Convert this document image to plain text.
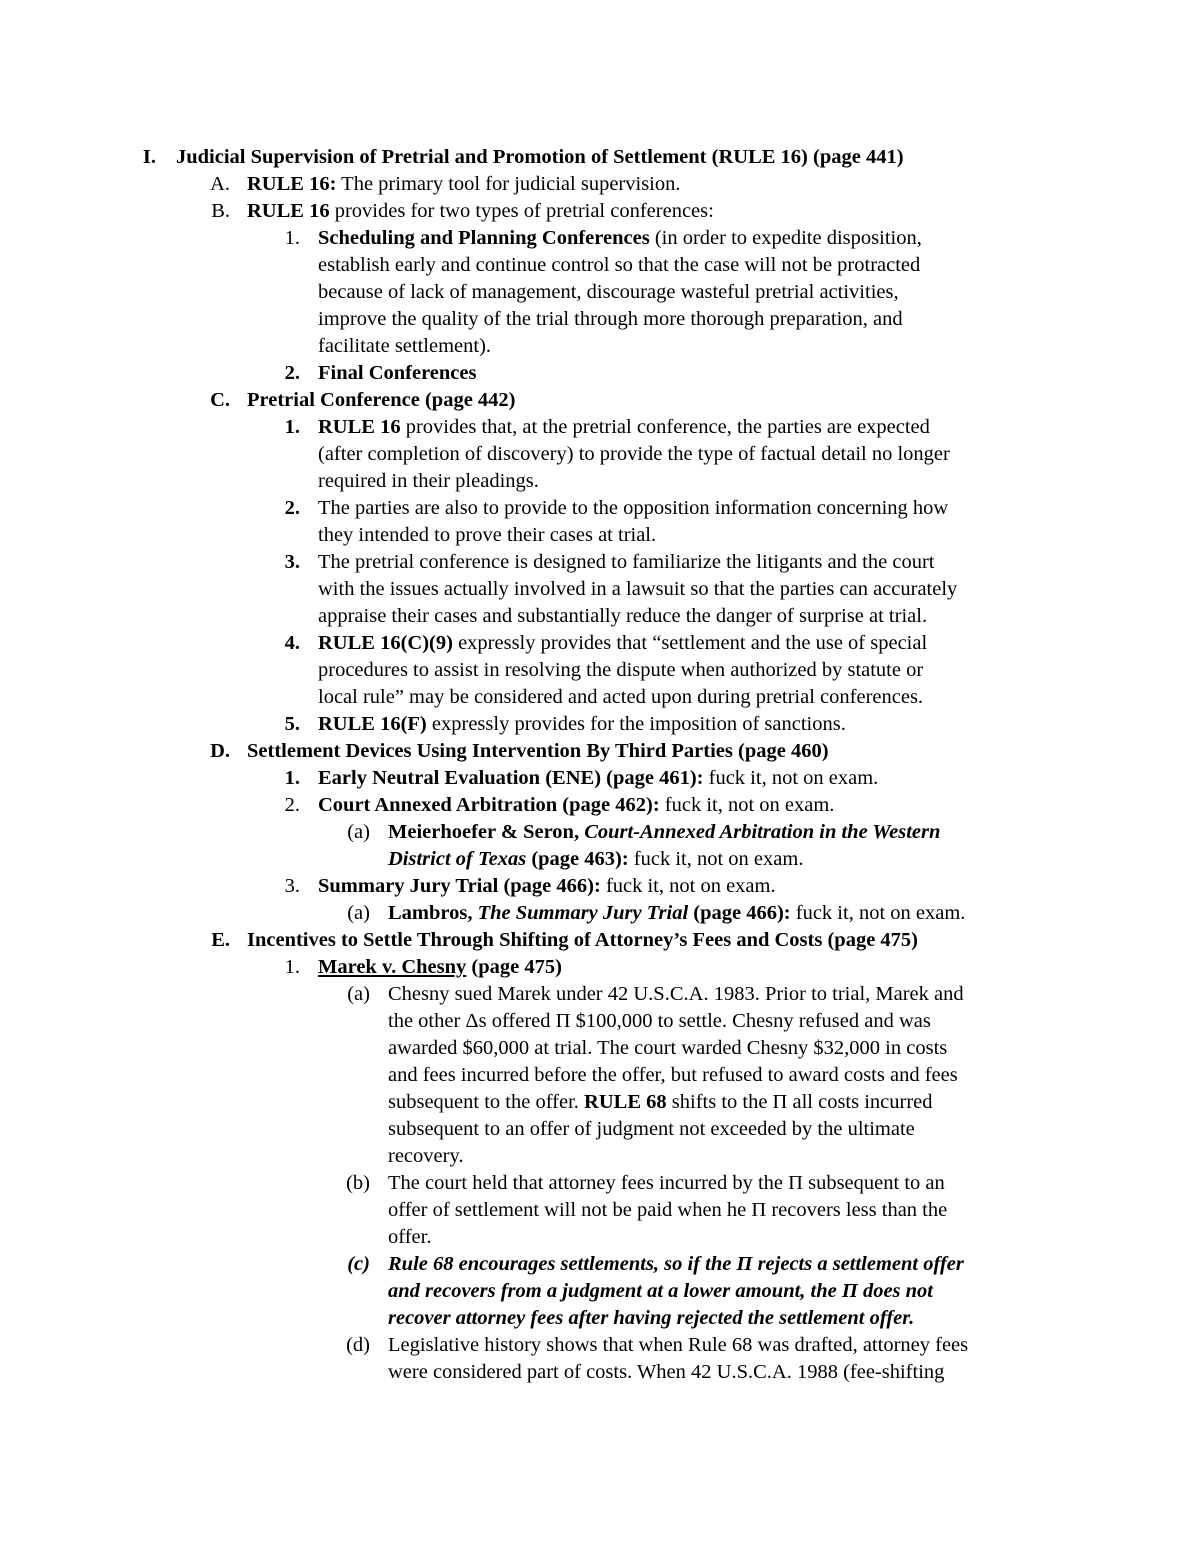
I. Judicial Supervision of Pretrial and Promotion of Settlement (RULE 16) (page 441)
A. RULE 16: The primary tool for judicial supervision.
B. RULE 16 provides for two types of pretrial conferences:
1. Scheduling and Planning Conferences (in order to expedite disposition,
establish early and continue control so that the case will not be protracted
because of lack of management, discourage wasteful pretrial activities,
improve the quality of the trial through more thorough preparation, and
facilitate settlement).
2. Final Conferences
C. Pretrial Conference (page 442)
1. RULE 16 provides that, at the pretrial conference, the parties are expected
(after completion of discovery) to provide the type of factual detail no longer
required in their pleadings.
2. The parties are also to provide to the opposition information concerning how
they intended to prove their cases at trial.
3. The pretrial conference is designed to familiarize the litigants and the court
with the issues actually involved in a lawsuit so that the parties can accurately
appraise their cases and substantially reduce the danger of surprise at trial.
4. RULE 16(C)(9) expressly provides that “settlement and the use of special
procedures to assist in resolving the dispute when authorized by statute or
local rule” may be considered and acted upon during pretrial conferences.
5. RULE 16(F) expressly provides for the imposition of sanctions.
D. Settlement Devices Using Intervention By Third Parties (page 460)
1. Early Neutral Evaluation (ENE) (page 461): fuck it, not on exam.
2. Court Annexed Arbitration (page 462): fuck it, not on exam.
(a) Meierhoefer & Seron, Court-Annexed Arbitration in the Western
District of Texas (page 463): fuck it, not on exam.
3. Summary Jury Trial (page 466): fuck it, not on exam.
(a) Lambros, The Summary Jury Trial (page 466): fuck it, not on exam.
E. Incentives to Settle Through Shifting of Attorney’s Fees and Costs (page 475)
1. Marek v. Chesny (page 475)
(a) Chesny sued Marek under 42 U.S.C.A. 1983. Prior to trial, Marek and
the other Δs offered Π $100,000 to settle. Chesny refused and was
awarded $60,000 at trial. The court warded Chesny $32,000 in costs
and fees incurred before the offer, but refused to award costs and fees
subsequent to the offer. RULE 68 shifts to the Π all costs incurred
subsequent to an offer of judgment not exceeded by the ultimate
recovery.
(b) The court held that attorney fees incurred by the Π subsequent to an
offer of settlement will not be paid when he Π recovers less than the
offer.
(c) Rule 68 encourages settlements, so if the Π rejects a settlement offer
and recovers from a judgment at a lower amount, the Π does not
recover attorney fees after having rejected the settlement offer.
(d) Legislative history shows that when Rule 68 was drafted, attorney fees
were considered part of costs. When 42 U.S.C.A. 1988 (fee-shifting
